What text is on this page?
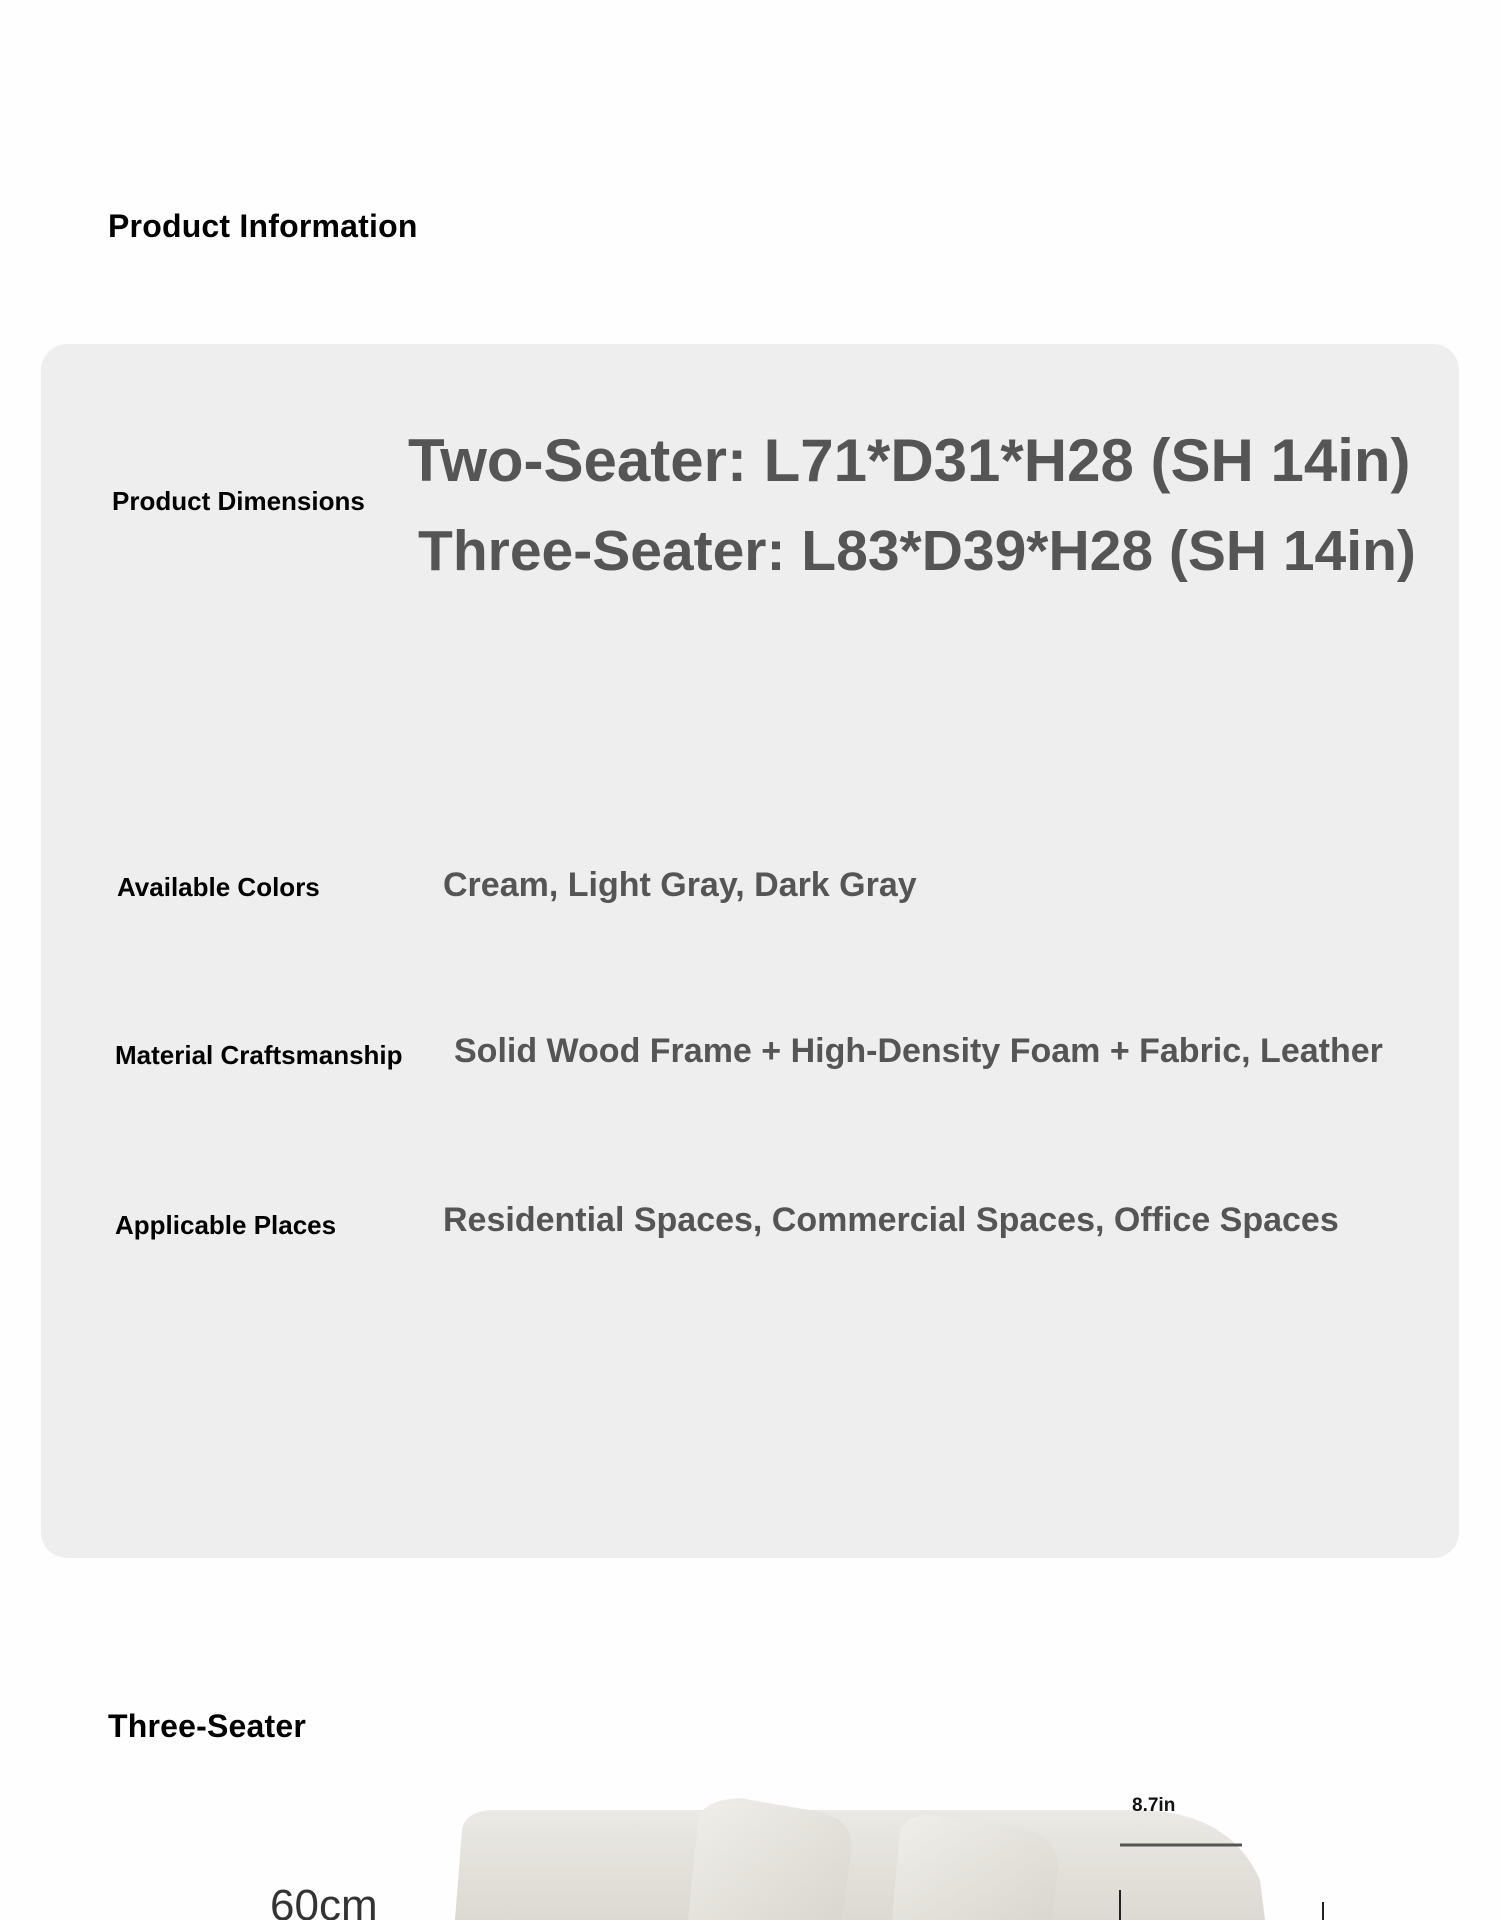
Product Information
Product Dimensions
Two-Seater: L71*D31*H28 (SH 14in)
Three-Seater: L83*D39*H28 (SH 14in)
Available Colors	Cream, Light Gray, Dark Gray
Material Craftsmanship Solid Wood Frame + High-Density Foam + Fabric, Leather
Applicable Places	Residential Spaces, Commercial Spaces, Office Spaces
Three-Seater
60cm
8.7in
